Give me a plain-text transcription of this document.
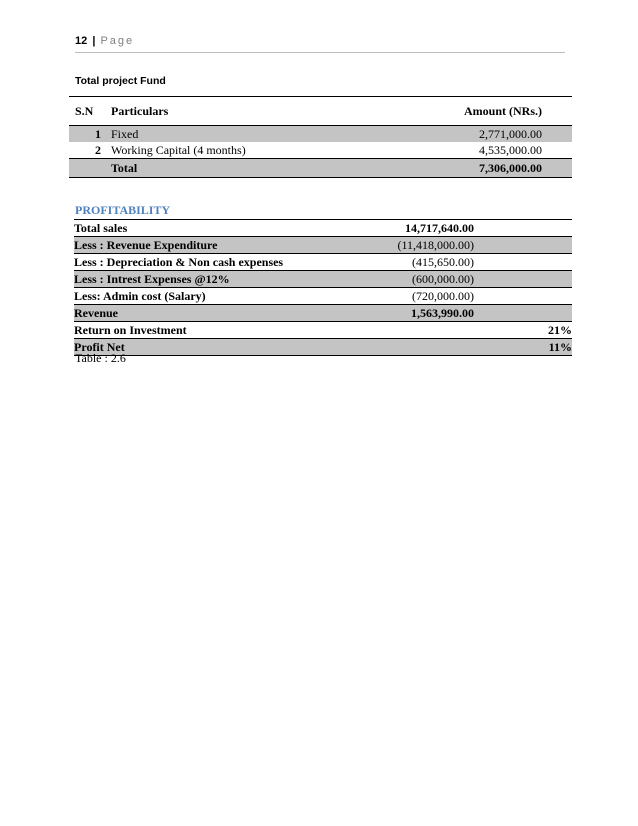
12 | Page
Total project Fund
S.N	Particulars	Amount (NRs.)
1 Fixed	2,771,000.00
2 Working Capital (4 months)	4,535,000.00
Total	7,306,000.00
PROFITABILITY
Total sales	14,717,640.00
Less : Revenue Expenditure	(11,418,000.00)
Less : Depreciation & Non cash expenses	(415,650.00)
Less : Intrest Expenses @12%	(600,000.00)
Less: Admin cost (Salary)	(720,000.00)
Revenue	1,563,990.00
Return on Investment	21%
Profit Net	11%
Table : 2.6
